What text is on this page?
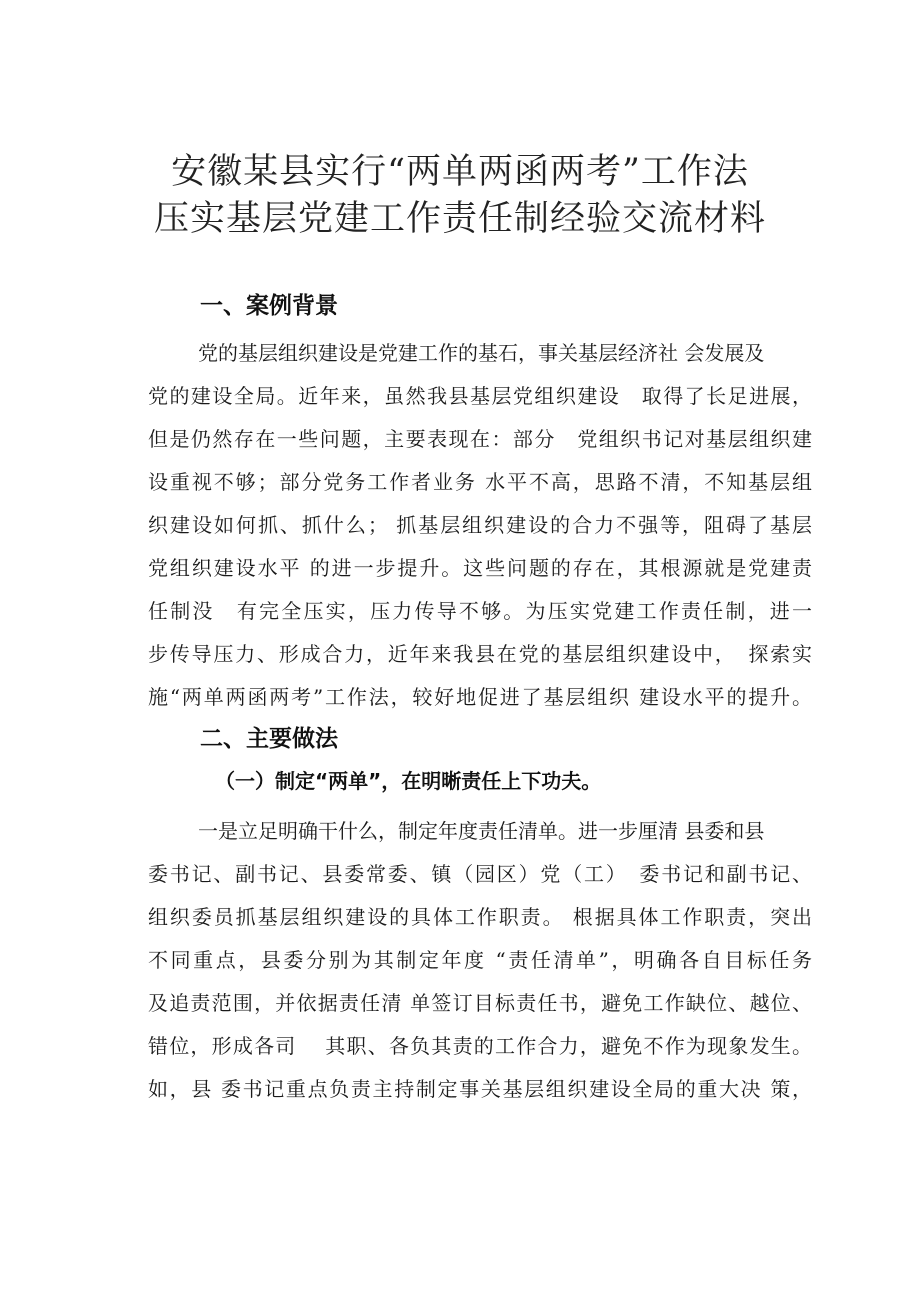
安徽某县实行“两单两函两考”工作法
压实基层党建工作责任制经验交流材料
一、案例背景
党的基层组织建设是党建工作的基石，事关基层经济社 会发展及
党的建设全局。近年来，虽然我县基层党组织建设　取得了长足进展，
但是仍然存在一些问题，主要表现在：部分　党组织书记对基层组织建
设重视不够；部分党务工作者业务 水平不高，思路不清，不知基层组
织建设如何抓、抓什么； 抓基层组织建设的合力不强等，阻碍了基层
党组织建设水平 的进一步提升。这些问题的存在，其根源就是党建责
任制没　有完全压实，压力传导不够。为压实党建工作责任制，进一
步传导压力、形成合力，近年来我县在党的基层组织建设中，　探索实
施“两单两函两考”工作法，较好地促进了基层组织 建设水平的提升。
二、主要做法
（一）制定“两单”，在明晰责任上下功夫。
一是立足明确干什么，制定年度责任清单。进一步厘清 县委和县
委书记、副书记、县委常委、镇（园区）党（工）　委书记和副书记、
组织委员抓基层组织建设的具体工作职责。 根据具体工作职责，突出
不同重点，县委分别为其制定年度 “责任清单”，明确各自目标任务
及追责范围，并依据责任清 单签订目标责任书，避免工作缺位、越位、
错位，形成各司　 其职、各负其责的工作合力，避免不作为现象发生。
如，县 委书记重点负责主持制定事关基层组织建设全局的重大决 策，
